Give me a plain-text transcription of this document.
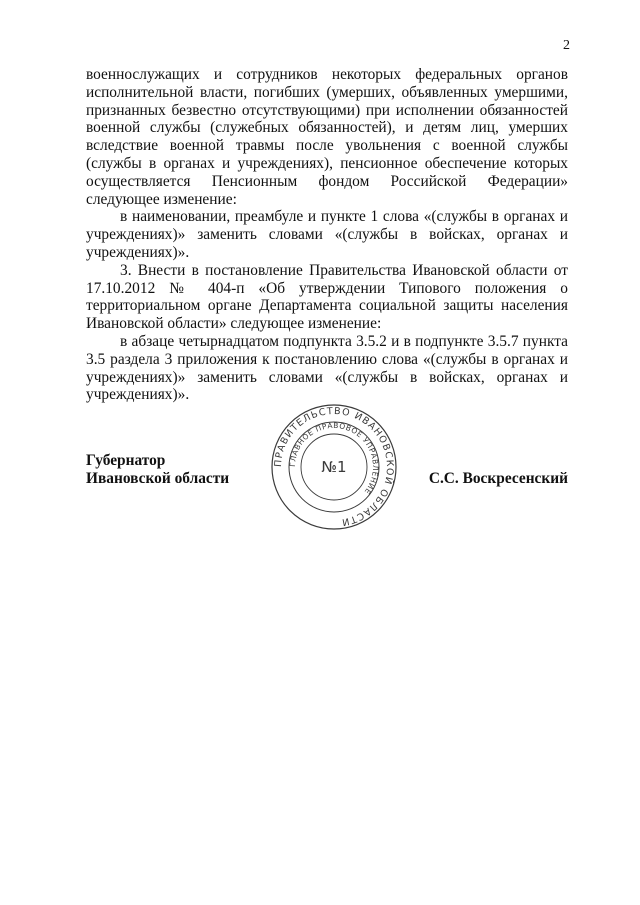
2

военнослужащих и сотрудников некоторых федеральных органов исполнительной власти, погибших (умерших, объявленных умершими, признанных безвестно отсутствующими) при исполнении обязанностей военной службы (служебных обязанностей), и детям лиц, умерших вследствие военной травмы после увольнения с военной службы (службы в органах и учреждениях), пенсионное обеспечение которых осуществляется Пенсионным фондом Российской Федерации» следующее изменение:

в наименовании, преамбуле и пункте 1 слова «(службы в органах и учреждениях)» заменить словами «(службы в войсках, органах и учреждениях)».

3. Внести в постановление Правительства Ивановской области от 17.10.2012 № 404-п «Об утверждении Типового положения о территориальном органе Департамента социальной защиты населения Ивановской области» следующее изменение:

в абзаце четырнадцатом подпункта 3.5.2 и в подпункте 3.5.7 пункта 3.5 раздела 3 приложения к постановлению слова «(службы в органах и учреждениях)» заменить словами «(службы в войсках, органах и учреждениях)».

Губернатор
Ивановской области	С.С. Воскресенский
ПРАВИТЕЛЬСТВО ИВАНОВСКОЙ ОБЛАСТИ
ГЛАВНОЕ ПРАВОВОЕ УПРАВЛЕНИЕ
№1
